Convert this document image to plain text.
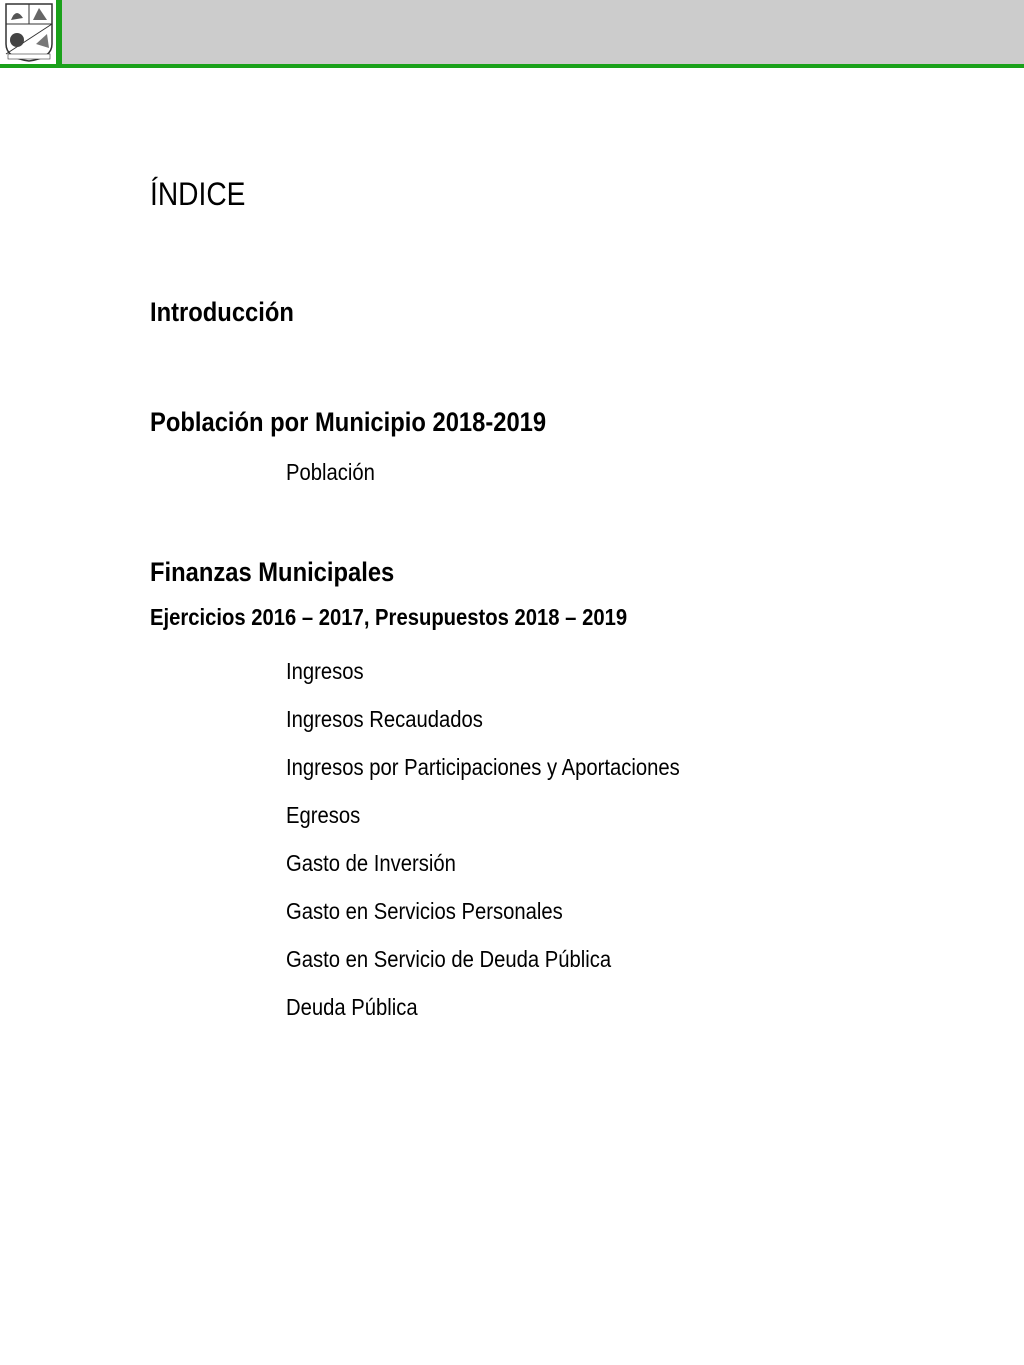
ÍNDICE
Introducción
Población por Municipio 2018-2019
Población
Finanzas Municipales
Ejercicios 2016 – 2017, Presupuestos 2018 – 2019
Ingresos
Ingresos Recaudados
Ingresos por Participaciones y Aportaciones
Egresos
Gasto de Inversión
Gasto en Servicios Personales
Gasto en Servicio de Deuda Pública
Deuda Pública
